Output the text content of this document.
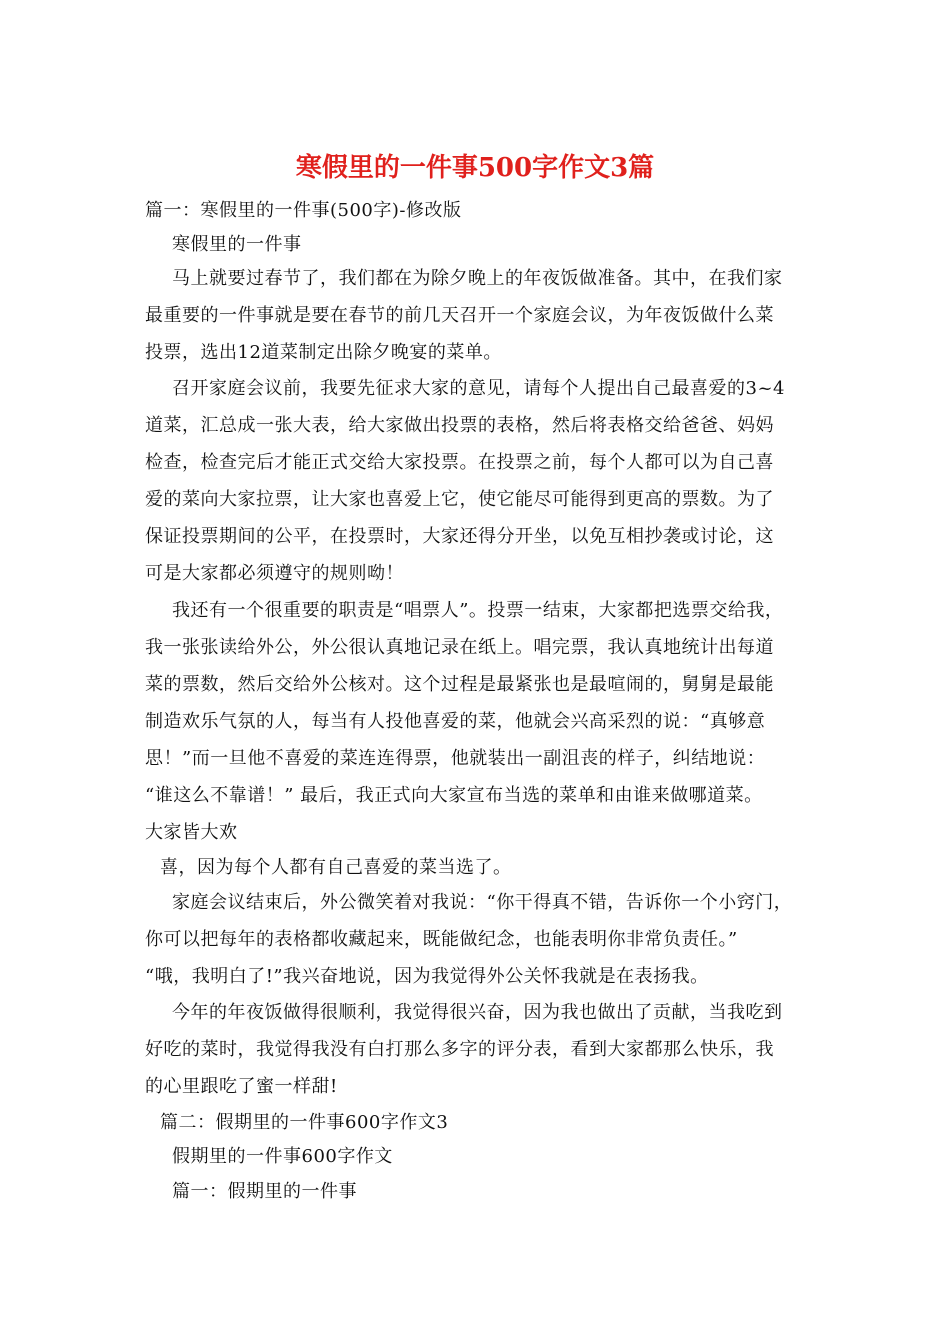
寒假里的一件事500字作文3篇
篇一：寒假里的一件事(500字)-修改版
寒假里的一件事
马上就要过春节了，我们都在为除夕晚上的年夜饭做准备。其中，在我们家
最重要的一件事就是要在春节的前几天召开一个家庭会议，为年夜饭做什么菜
投票，选出12道菜制定出除夕晚宴的菜单。
召开家庭会议前，我要先征求大家的意见，请每个人提出自己最喜爱的3~4
道菜，汇总成一张大表，给大家做出投票的表格，然后将表格交给爸爸、妈妈
检查，检查完后才能正式交给大家投票。在投票之前，每个人都可以为自己喜
爱的菜向大家拉票，让大家也喜爱上它，使它能尽可能得到更高的票数。为了
保证投票期间的公平，在投票时，大家还得分开坐，以免互相抄袭或讨论，这
可是大家都必须遵守的规则呦！
我还有一个很重要的职责是“唱票人”。投票一结束，大家都把选票交给我，
我一张张读给外公，外公很认真地记录在纸上。唱完票，我认真地统计出每道
菜的票数，然后交给外公核对。这个过程是最紧张也是最喧闹的，舅舅是最能
制造欢乐气氛的人，每当有人投他喜爱的菜，他就会兴高采烈的说：“真够意
思！”而一旦他不喜爱的菜连连得票，他就装出一副沮丧的样子，纠结地说：
“谁这么不靠谱！” 最后，我正式向大家宣布当选的菜单和由谁来做哪道菜。
大家皆大欢
喜，因为每个人都有自己喜爱的菜当选了。
家庭会议结束后，外公微笑着对我说：“你干得真不错，告诉你一个小窍门，
你可以把每年的表格都收藏起来，既能做纪念，也能表明你非常负责任。”
“哦，我明白了!”我兴奋地说，因为我觉得外公关怀我就是在表扬我。
今年的年夜饭做得很顺利，我觉得很兴奋，因为我也做出了贡献，当我吃到
好吃的菜时，我觉得我没有白打那么多字的评分表，看到大家都那么快乐，我
的心里跟吃了蜜一样甜!
篇二：假期里的一件事600字作文3
假期里的一件事600字作文
篇一：假期里的一件事
